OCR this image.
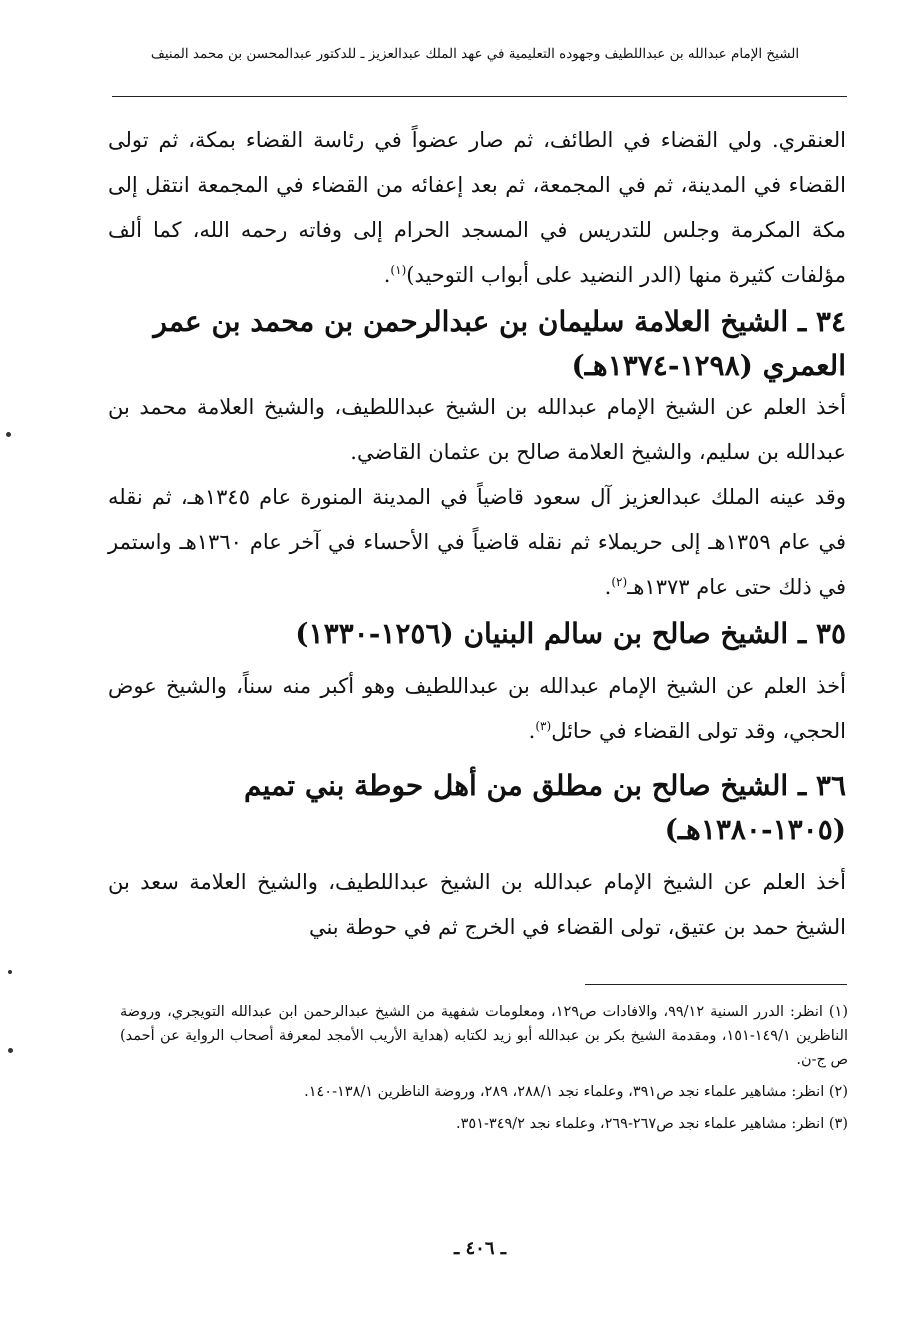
الشيخ الإمام عبدالله بن عبداللطيف وجهوده التعليمية في عهد الملك عبدالعزيز ـ للدكتور عبدالمحسن بن محمد المنيف
العنقري. ولي القضاء في الطائف، ثم صار عضواً في رئاسة القضاء بمكة، ثم تولى القضاء في المدينة، ثم في المجمعة، ثم بعد إعفائه من القضاء في المجمعة انتقل إلى مكة المكرمة وجلس للتدريس في المسجد الحرام إلى وفاته رحمه الله، كما ألف مؤلفات كثيرة منها (الدر النضيد على أبواب التوحيد)$^{(١)}$.
٣٤ ـ الشيخ العلامة سليمان بن عبدالرحمن بن محمد بن عمر العمري (١٢٩٨-١٣٧٤هـ)
أخذ العلم عن الشيخ الإمام عبدالله بن الشيخ عبداللطيف، والشيخ العلامة محمد بن عبدالله بن سليم، والشيخ العلامة صالح بن عثمان القاضي.
وقد عينه الملك عبدالعزيز آل سعود قاضياً في المدينة المنورة عام ١٣٤٥هـ، ثم نقله في عام ١٣٥٩هـ إلى حريملاء ثم نقله قاضياً في الأحساء في آخر عام ١٣٦٠هـ واستمر في ذلك حتى عام ١٣٧٣هـ$^{(٢)}$.
٣٥ ـ الشيخ صالح بن سالم البنيان (١٢٥٦-١٣٣٠)
أخذ العلم عن الشيخ الإمام عبدالله بن عبداللطيف وهو أكبر منه سناً، والشيخ عوض الحجي، وقد تولى القضاء في حائل$^{(٣)}$.
٣٦ ـ الشيخ صالح بن مطلق من أهل حوطة بني تميم (١٣٠٥-١٣٨٠هـ)
أخذ العلم عن الشيخ الإمام عبدالله بن الشيخ عبداللطيف، والشيخ العلامة سعد بن الشيخ حمد بن عتيق، تولى القضاء في الخرج ثم في حوطة بني

(١) انظر: الدرر السنية ٩٩/١٢، والافادات ص١٢٩، ومعلومات شفهية من الشيخ عبدالرحمن ابن عبدالله التويجري، وروضة الناظرين ١٤٩/١-١٥١، ومقدمة الشيخ بكر بن عبدالله أبو زيد لكتابه (هداية الأريب الأمجد لمعرفة أصحاب الرواية عن أحمد) ص ج-ن.

(٢) انظر: مشاهير علماء نجد ص٣٩١، وعلماء نجد ٢٨٨/١، ٢٨٩، وروضة الناظرين ١٣٨/١-١٤٠.

(٣) انظر: مشاهير علماء نجد ص٢٦٧-٢٦٩، وعلماء نجد ٣٤٩/٢-٣٥١.

ـ ٤٠٦ ـ
